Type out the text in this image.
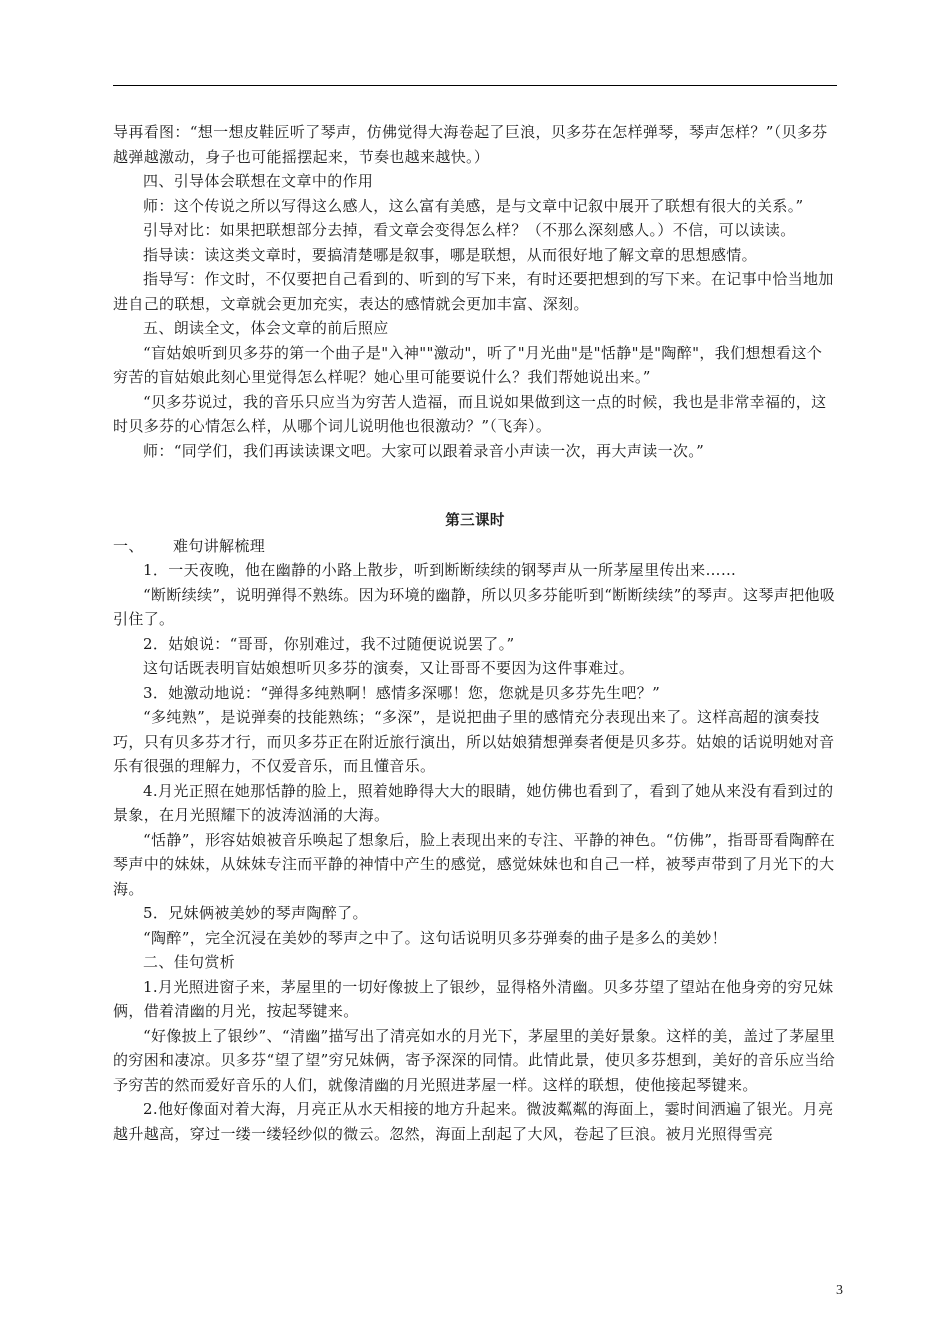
导再看图：“想一想皮鞋匠听了琴声，仿佛觉得大海卷起了巨浪，贝多芬在怎样弹琴，琴声怎样？”（贝多芬越弹越激动，身子也可能摇摆起来，节奏也越来越快。）

四、引导体会联想在文章中的作用

师：这个传说之所以写得这么感人，这么富有美感，是与文章中记叙中展开了联想有很大的关系。”

引导对比：如果把联想部分去掉，看文章会变得怎么样？（不那么深刻感人。）不信，可以读读。

指导读：读这类文章时，要搞清楚哪是叙事，哪是联想，从而很好地了解文章的思想感情。

指导写：作文时，不仅要把自己看到的、听到的写下来，有时还要把想到的写下来。在记事中恰当地加进自己的联想，文章就会更加充实，表达的感情就会更加丰富、深刻。

五、朗读全文，体会文章的前后照应

“盲姑娘听到贝多芬的第一个曲子是"入神""激动"，听了"月光曲"是"恬静"是"陶醉"，我们想想看这个穷苦的盲姑娘此刻心里觉得怎么样呢？她心里可能要说什么？我们帮她说出来。”

“贝多芬说过，我的音乐只应当为穷苦人造福，而且说如果做到这一点的时候，我也是非常幸福的，这时贝多芬的心情怎么样，从哪个词儿说明他也很激动？”（飞奔）。

师：“同学们，我们再读读课文吧。大家可以跟着录音小声读一次，再大声读一次。”

第三课时

一、	难句讲解梳理

1．一天夜晚，他在幽静的小路上散步，听到断断续续的钢琴声从一所茅屋里传出来……

“断断续续”，说明弹得不熟练。因为环境的幽静，所以贝多芬能听到“断断续续”的琴声。这琴声把他吸引住了。

2．姑娘说：“哥哥，你别难过，我不过随便说说罢了。”

这句话既表明盲姑娘想听贝多芬的演奏，又让哥哥不要因为这件事难过。

3．她激动地说：“弹得多纯熟啊！感情多深哪！您，您就是贝多芬先生吧？”

“多纯熟”，是说弹奏的技能熟练；“多深”，是说把曲子里的感情充分表现出来了。这样高超的演奏技巧，只有贝多芬才行，而贝多芬正在附近旅行演出，所以姑娘猜想弹奏者便是贝多芬。姑娘的话说明她对音乐有很强的理解力，不仅爱音乐，而且懂音乐。

4.月光正照在她那恬静的脸上，照着她睁得大大的眼睛，她仿佛也看到了，看到了她从来没有看到过的景象，在月光照耀下的波涛汹涌的大海。

“恬静”，形容姑娘被音乐唤起了想象后，脸上表现出来的专注、平静的神色。“仿佛”，指哥哥看陶醉在琴声中的妹妹，从妹妹专注而平静的神情中产生的感觉，感觉妹妹也和自己一样，被琴声带到了月光下的大海。

5．兄妹俩被美妙的琴声陶醉了。

“陶醉”，完全沉浸在美妙的琴声之中了。这句话说明贝多芬弹奏的曲子是多么的美妙！

二、佳句赏析

1.月光照进窗子来，茅屋里的一切好像披上了银纱，显得格外清幽。贝多芬望了望站在他身旁的穷兄妹俩，借着清幽的月光，按起琴键来。

“好像披上了银纱”、“清幽”描写出了清亮如水的月光下，茅屋里的美好景象。这样的美，盖过了茅屋里的穷困和凄凉。贝多芬“望了望”穷兄妹俩，寄予深深的同情。此情此景，使贝多芬想到，美好的音乐应当给予穷苦的然而爱好音乐的人们，就像清幽的月光照进茅屋一样。这样的联想，使他接起琴键来。

2.他好像面对着大海，月亮正从水天相接的地方升起来。微波粼粼的海面上，霎时间洒遍了银光。月亮越升越高，穿过一缕一缕轻纱似的微云。忽然，海面上刮起了大风，卷起了巨浪。被月光照得雪亮

3
